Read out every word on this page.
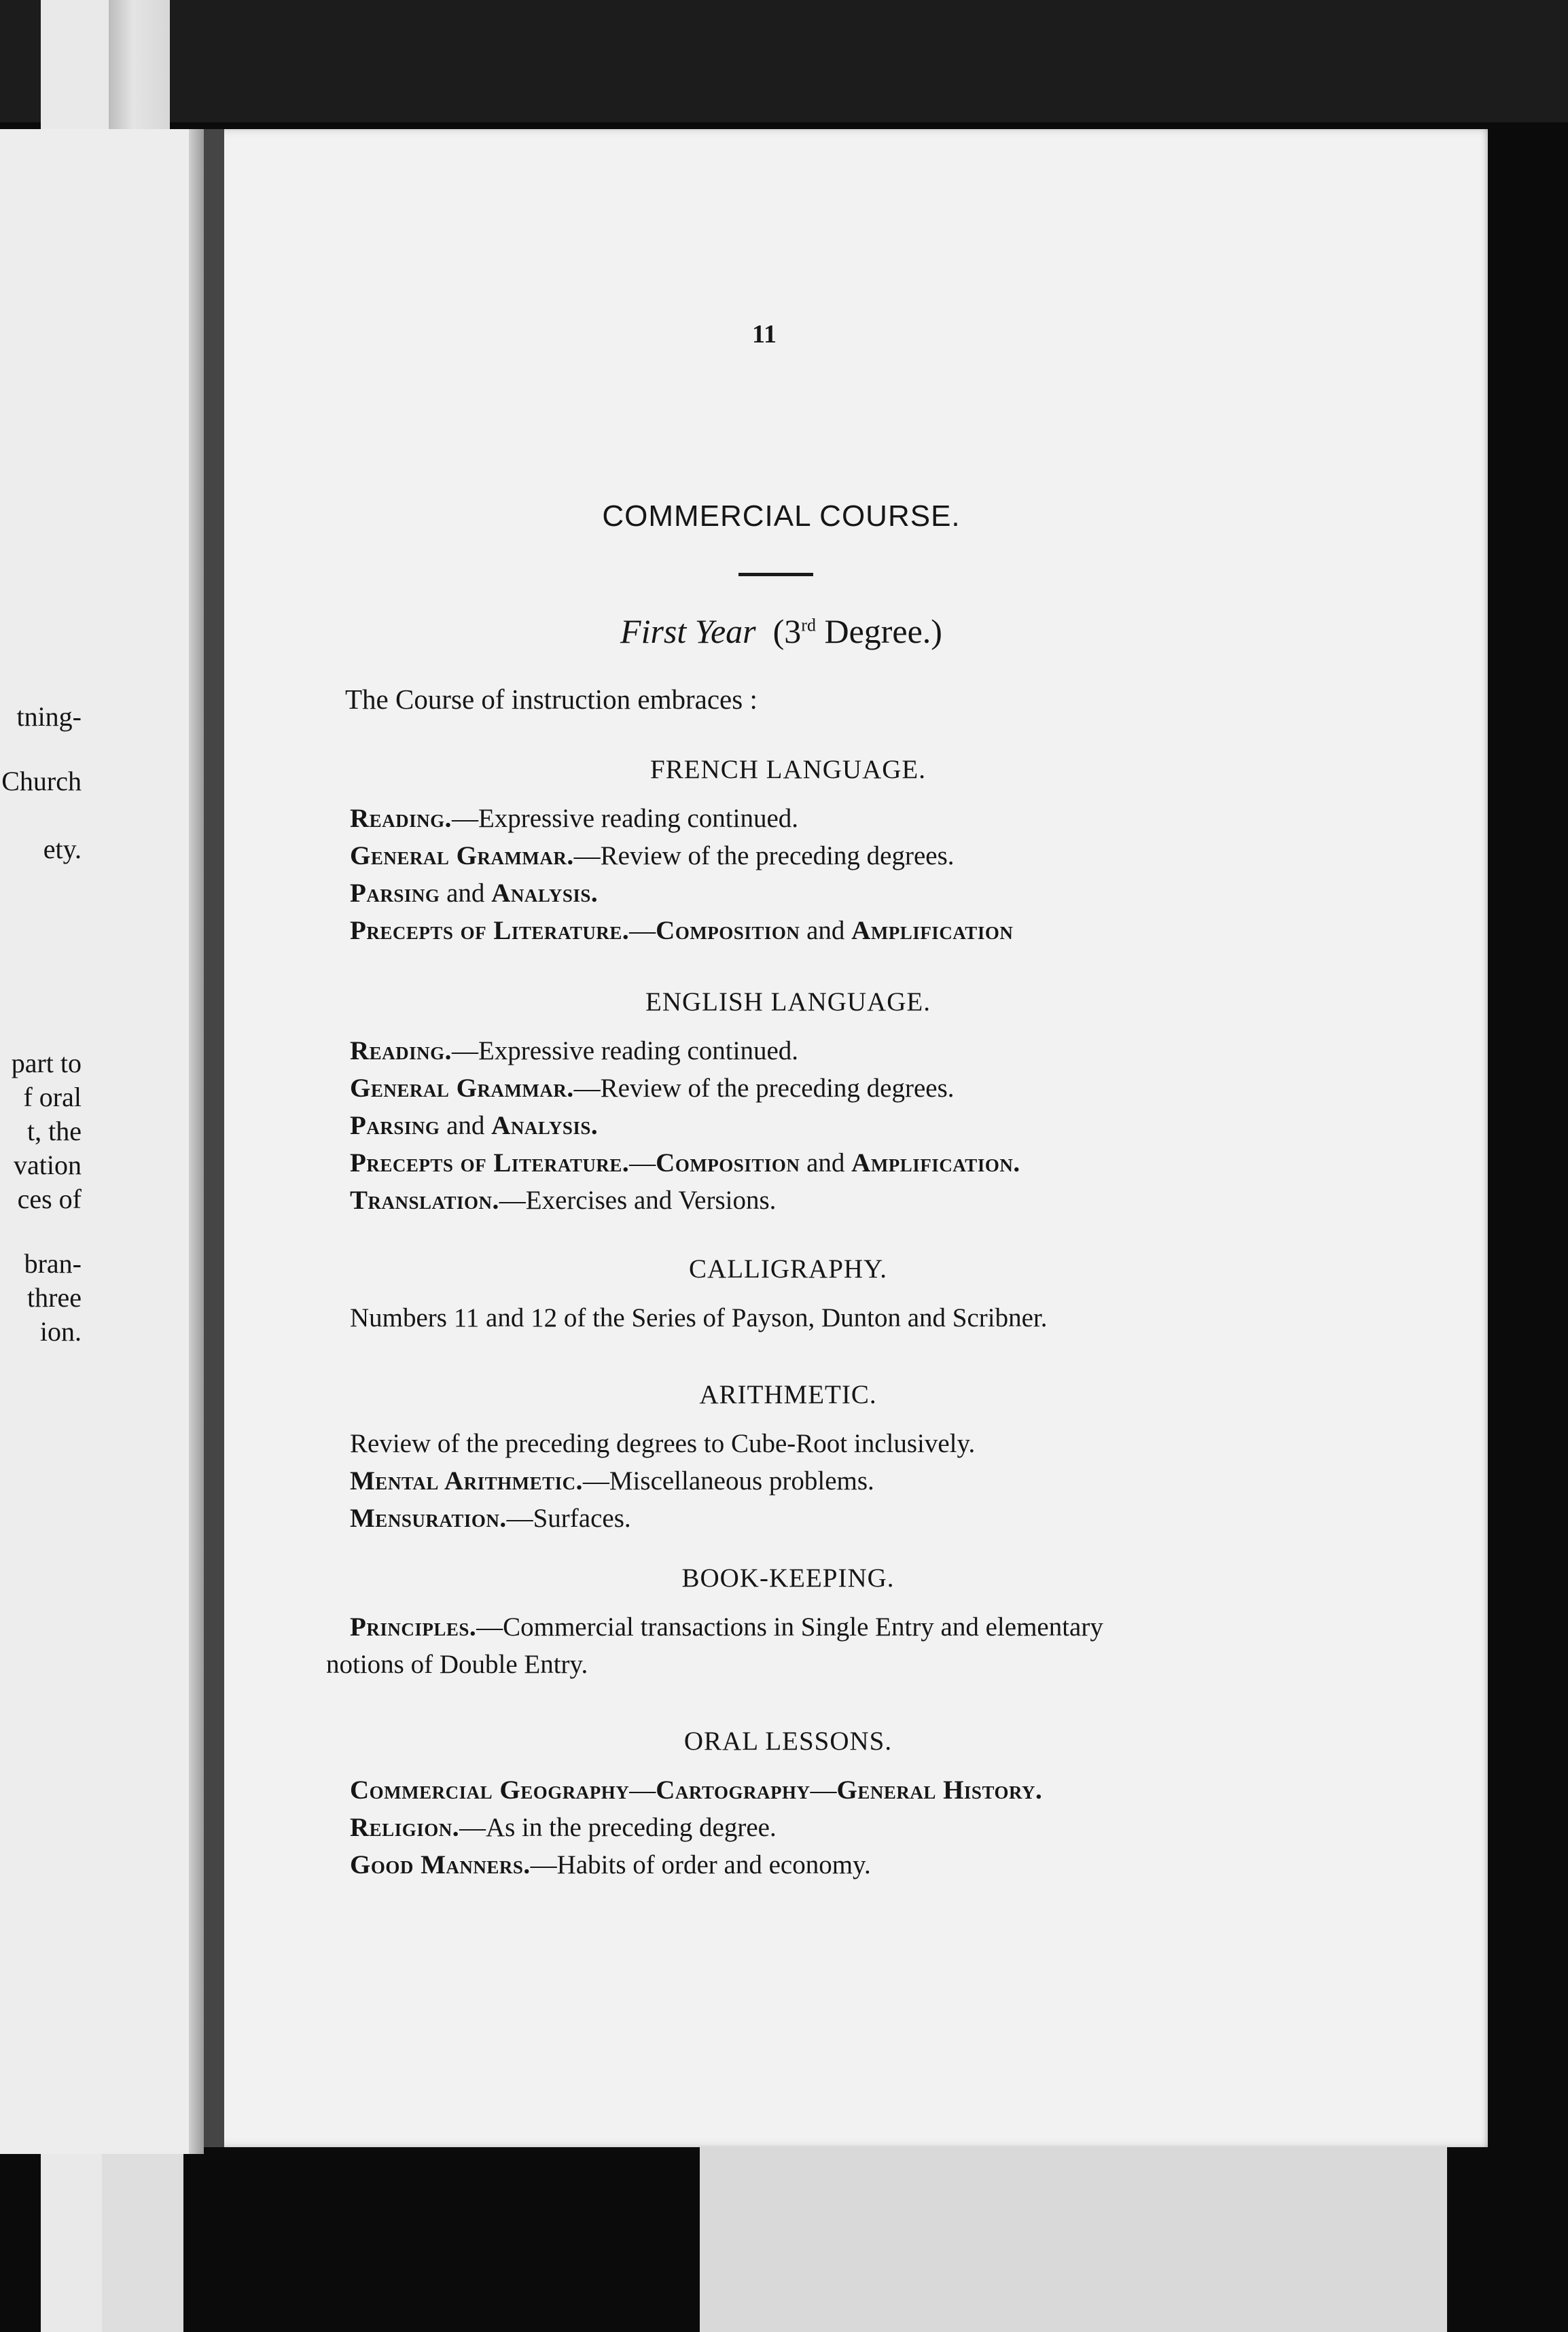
tning-
Church
ety.
part to
f oral
t, the
vation
ces of
bran-
three
ion.
11
COMMERCIAL COURSE.
First Year (3rd Degree.)
The Course of instruction embraces :
FRENCH LANGUAGE.
Reading.—Expressive reading continued.
General Grammar.—Review of the preceding degrees.
Parsing and Analysis.
Precepts of Literature.—Composition and Amplification
ENGLISH LANGUAGE.
Reading.—Expressive reading continued.
General Grammar.—Review of the preceding degrees.
Parsing and Analysis.
Precepts of Literature.—Composition and Amplification.
Translation.—Exercises and Versions.
CALLIGRAPHY.
Numbers 11 and 12 of the Series of Payson, Dunton and Scribner.
ARITHMETIC.
Review of the preceding degrees to Cube-Root inclusively.
Mental Arithmetic.—Miscellaneous problems.
Mensuration.—Surfaces.
BOOK-KEEPING.
Principles.—Commercial transactions in Single Entry and elementary
notions of Double Entry.
ORAL LESSONS.
Commercial Geography—Cartography—General History.
Religion.—As in the preceding degree.
Good Manners.—Habits of order and economy.
